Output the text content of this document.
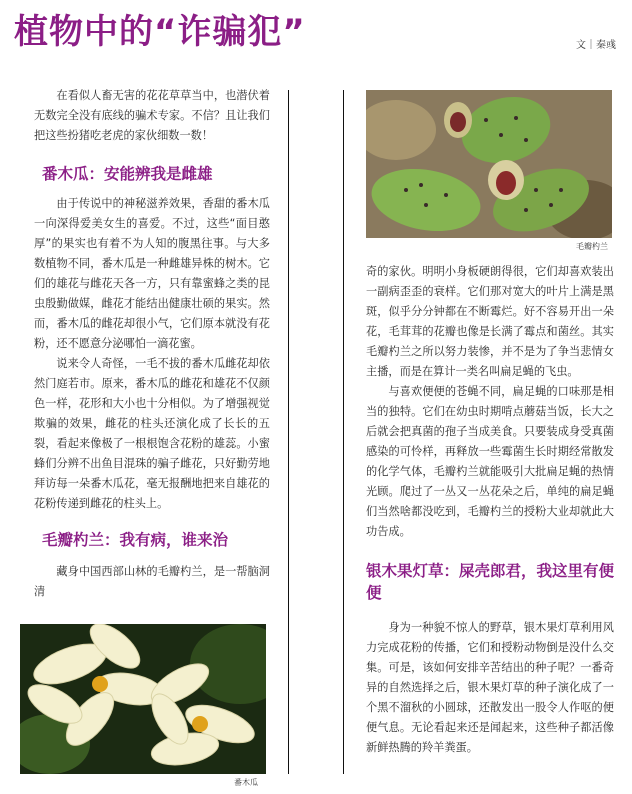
植物中的“诈骗犯”	文｜秦彧

在看似人畜无害的花花草草当中，也潜伏着无数完全没有底线的骗术专家。不信？且让我们把这些扮猪吃老虎的家伙细数一数！

番木瓜：安能辨我是雌雄

由于传说中的神秘滋养效果，香甜的番木瓜一向深得爱美女生的喜爱。不过，这些“面目憨厚”的果实也有着不为人知的腹黑往事。与大多数植物不同，番木瓜是一种雌雄异株的树木。它们的雄花与雌花天各一方，只有靠蜜蜂之类的昆虫殷勤做媒，雌花才能结出健康壮硕的果实。然而，番木瓜的雌花却很小气，它们原本就没有花粉，还不愿意分泌哪怕一滴花蜜。

说来令人奇怪，一毛不拔的番木瓜雌花却依然门庭若市。原来，番木瓜的雌花和雄花不仅颜色一样，花形和大小也十分相似。为了增强视觉欺骗的效果，雌花的柱头还演化成了长长的五裂，看起来像极了一根根饱含花粉的雄蕊。小蜜蜂们分辨不出鱼目混珠的骗子雌花，只好勤劳地拜访每一朵番木瓜花，毫无报酬地把来自雄花的花粉传递到雌花的柱头上。

毛瓣杓兰：我有病，谁来治

藏身中国西部山林的毛瓣杓兰，是一帮脑洞清

番木瓜
毛瓣杓兰

奇的家伙。明明小身板硬朗得很，它们却喜欢装出一副病歪歪的衰样。它们那对宽大的叶片上满是黑斑，似乎分分钟都在不断霉烂。好不容易开出一朵花，毛茸茸的花瓣也像是长满了霉点和菌丝。其实毛瓣杓兰之所以努力装惨，并不是为了争当悲情女主播，而是在算计一类名叫扁足蝇的飞虫。

与喜欢便便的苍蝇不同，扁足蝇的口味那是相当的独特。它们在幼虫时期啃点蘑菇当饭，长大之后就会把真菌的孢子当成美食。只要装成身受真菌感染的可怜样，再释放一些霉菌生长时期经常散发的化学气体，毛瓣杓兰就能吸引大批扁足蝇的热情光顾。爬过了一丛又一丛花朵之后，单纯的扁足蝇们当然啥都没吃到，毛瓣杓兰的授粉大业却就此大功告成。

银木果灯草：屎壳郎君，我这里有便便

身为一种貌不惊人的野草，银木果灯草利用风力完成花粉的传播，它们和授粉动物倒是没什么交集。可是，该如何安排辛苦结出的种子呢？一番奇异的自然选择之后，银木果灯草的种子演化成了一个黑不溜秋的小圆球，还散发出一股令人作呕的便便气息。无论看起来还是闻起来，这些种子都活像新鲜热腾的羚羊粪蛋。
